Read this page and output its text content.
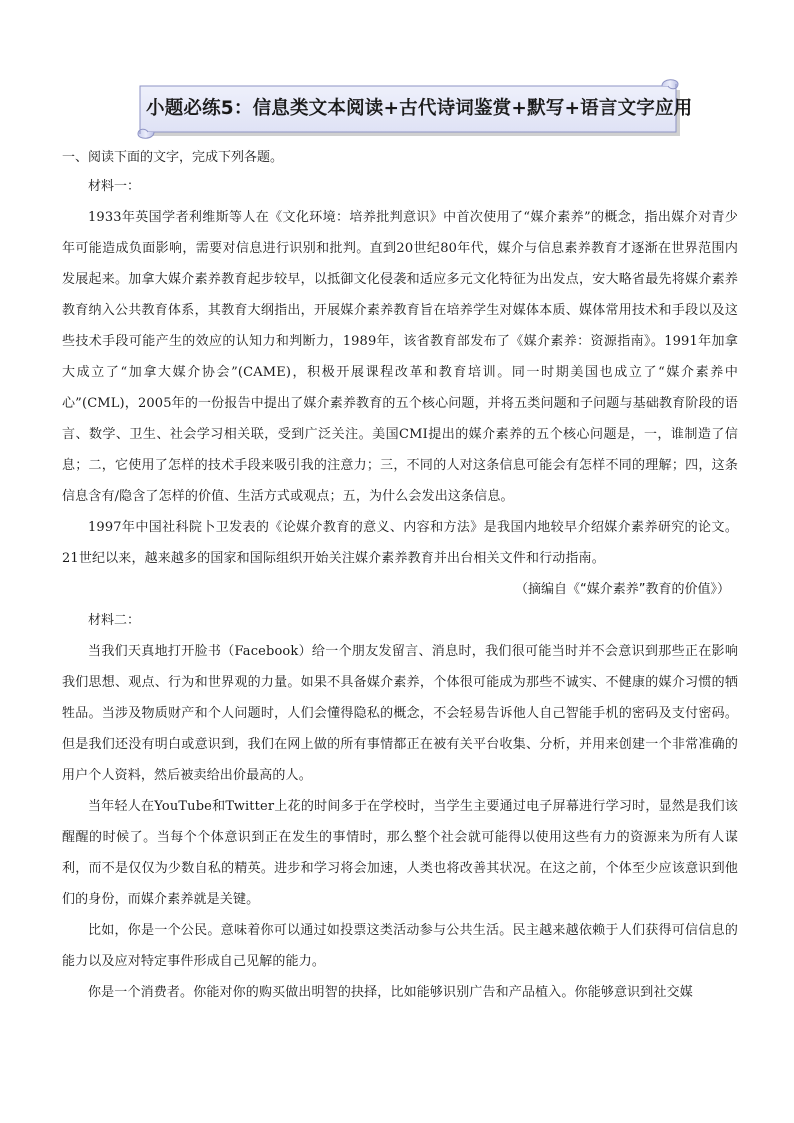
小题必练5：信息类文本阅读+古代诗词鉴赏+默写+语言文字应用

一、阅读下面的文字，完成下列各题。

材料一：

1933年英国学者利维斯等人在《文化环境：培养批判意识》中首次使用了“媒介素养”的概念，指出媒介对青少年可能造成负面影响，需要对信息进行识别和批判。直到20世纪80年代，媒介与信息素养教育才逐渐在世界范围内发展起来。加拿大媒介素养教育起步较早，以抵御文化侵袭和适应多元文化特征为出发点，安大略省最先将媒介素养教育纳入公共教育体系，其教育大纲指出，开展媒介素养教育旨在培养学生对媒体本质、媒体常用技术和手段以及这些技术手段可能产生的效应的认知力和判断力，1989年，该省教育部发布了《媒介素养：资源指南》。1991年加拿大成立了“加拿大媒介协会”(CAME)，积极开展课程改革和教育培训。同一时期美国也成立了“媒介素养中心”(CML)，2005年的一份报告中提出了媒介素养教育的五个核心问题，并将五类问题和子问题与基础教育阶段的语言、数学、卫生、社会学习相关联，受到广泛关注。美国CMI提出的媒介素养的五个核心问题是，一，谁制造了信息；二，它使用了怎样的技术手段来吸引我的注意力；三，不同的人对这条信息可能会有怎样不同的理解；四，这条信息含有/隐含了怎样的价值、生活方式或观点；五，为什么会发出这条信息。

1997年中国社科院卜卫发表的《论媒介教育的意义、内容和方法》是我国内地较早介绍媒介素养研究的论文。21世纪以来，越来越多的国家和国际组织开始关注媒介素养教育并出台相关文件和行动指南。

（摘编自《“媒介素养”教育的价值》）

材料二：

当我们天真地打开脸书（Facebook）给一个朋友发留言、消息时，我们很可能当时并不会意识到那些正在影响我们思想、观点、行为和世界观的力量。如果不具备媒介素养，个体很可能成为那些不诚实、不健康的媒介习惯的牺牲品。当涉及物质财产和个人问题时，人们会懂得隐私的概念，不会轻易告诉他人自己智能手机的密码及支付密码。但是我们还没有明白或意识到，我们在网上做的所有事情都正在被有关平台收集、分析，并用来创建一个非常准确的用户个人资料，然后被卖给出价最高的人。

当年轻人在YouTube和Twitter上花的时间多于在学校时，当学生主要通过电子屏幕进行学习时，显然是我们该醒醒的时候了。当每个个体意识到正在发生的事情时，那么整个社会就可能得以使用这些有力的资源来为所有人谋利，而不是仅仅为少数自私的精英。进步和学习将会加速，人类也将改善其状况。在这之前，个体至少应该意识到他们的身份，而媒介素养就是关键。

比如，你是一个公民。意味着你可以通过如投票这类活动参与公共生活。民主越来越依赖于人们获得可信信息的能力以及应对特定事件形成自己见解的能力。

你是一个消费者。你能对你的购买做出明智的抉择，比如能够识别广告和产品植入。你能够意识到社交媒
